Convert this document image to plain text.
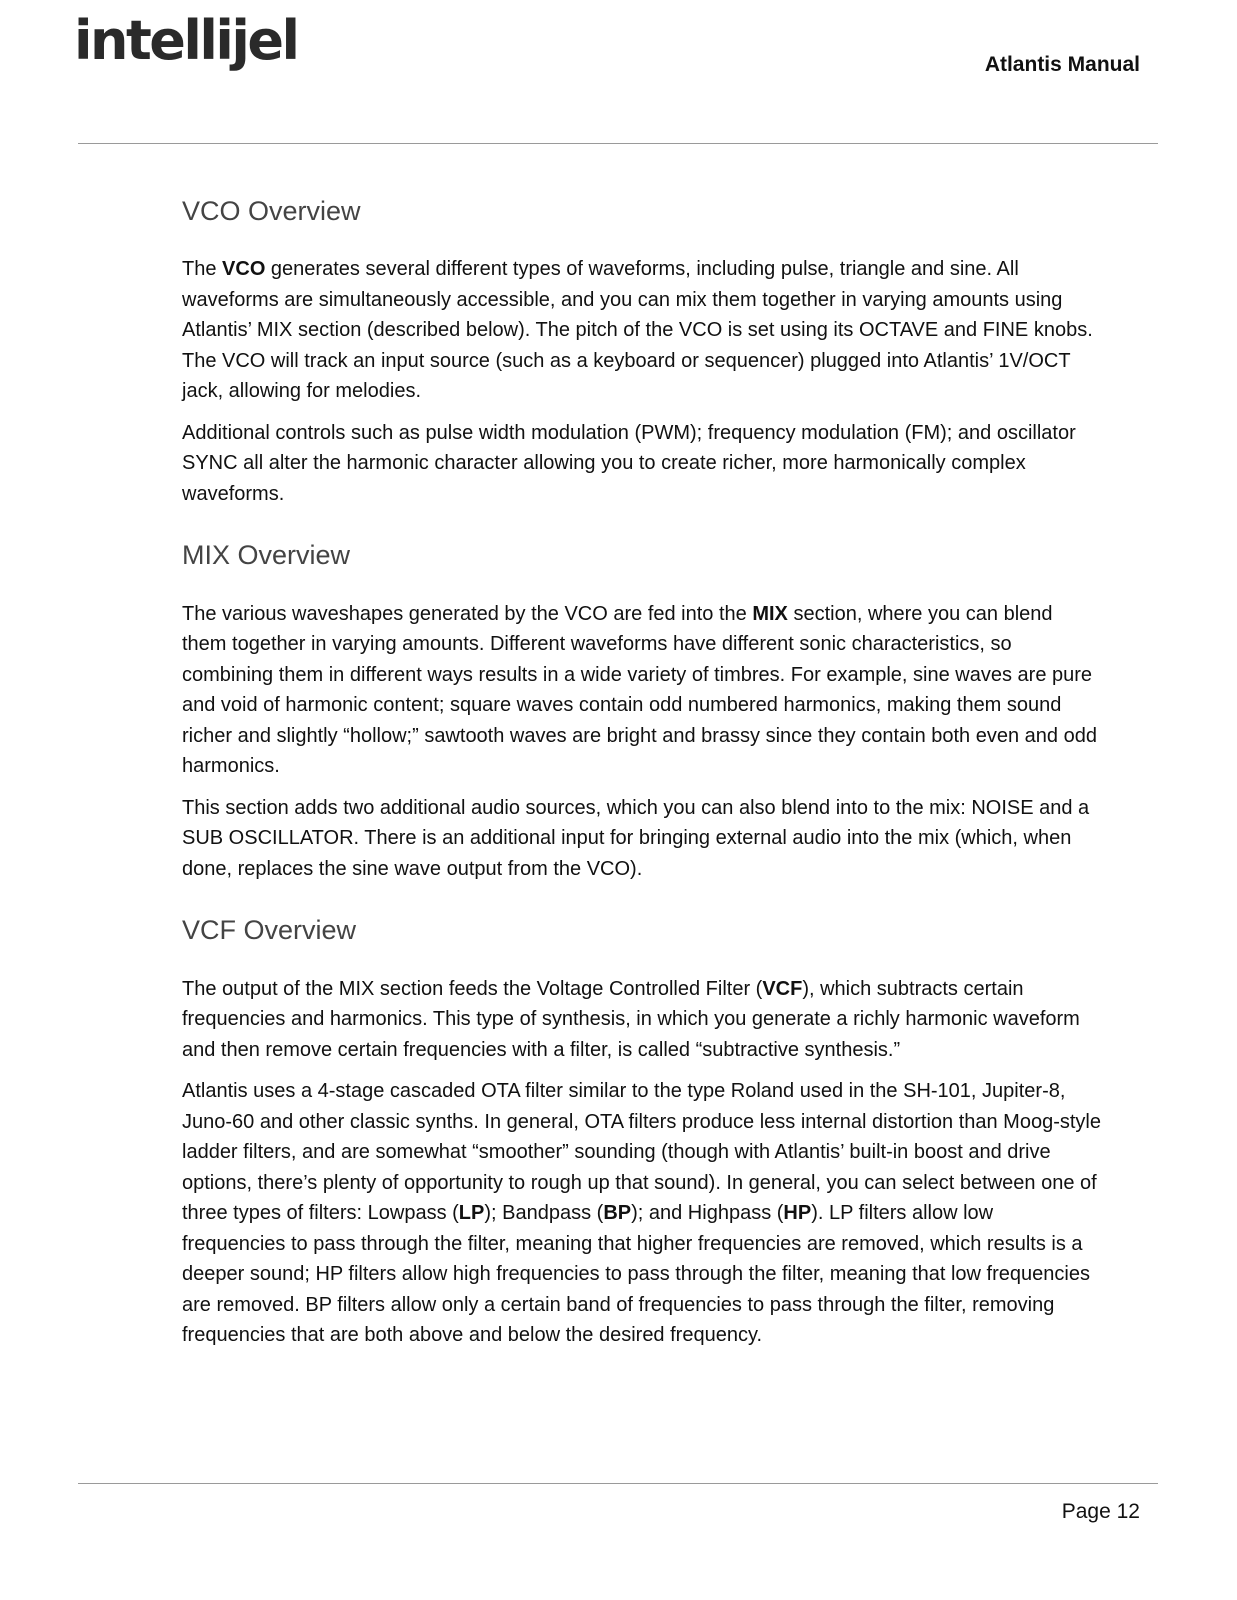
intellijel	Atlantis Manual
VCO Overview

The VCO generates several different types of waveforms, including pulse, triangle and sine. All waveforms are simultaneously accessible, and you can mix them together in varying amounts using Atlantis’ MIX section (described below). The pitch of the VCO is set using its OCTAVE and FINE knobs. The VCO will track an input source (such as a keyboard or sequencer) plugged into Atlantis’ 1V/OCT jack, allowing for melodies.

Additional controls such as pulse width modulation (PWM); frequency modulation (FM); and oscillator SYNC all alter the harmonic character allowing you to create richer, more harmonically complex waveforms.

MIX Overview

The various waveshapes generated by the VCO are fed into the MIX section, where you can blend them together in varying amounts. Different waveforms have different sonic characteristics, so combining them in different ways results in a wide variety of timbres. For example, sine waves are pure and void of harmonic content; square waves contain odd numbered harmonics, making them sound richer and slightly “hollow;” sawtooth waves are bright and brassy since they contain both even and odd harmonics.

This section adds two additional audio sources, which you can also blend into to the mix: NOISE and a SUB OSCILLATOR. There is an additional input for bringing external audio into the mix (which, when done, replaces the sine wave output from the VCO).

VCF Overview

The output of the MIX section feeds the Voltage Controlled Filter (VCF), which subtracts certain frequencies and harmonics. This type of synthesis, in which you generate a richly harmonic waveform and then remove certain frequencies with a filter, is called “subtractive synthesis.”

Atlantis uses a 4-stage cascaded OTA filter similar to the type Roland used in the SH-101, Jupiter-8, Juno-60 and other classic synths. In general, OTA filters produce less internal distortion than Moog-style ladder filters, and are somewhat “smoother” sounding (though with Atlantis’ built-in boost and drive options, there’s plenty of opportunity to rough up that sound). In general, you can select between one of three types of filters: Lowpass (LP); Bandpass (BP); and Highpass (HP). LP filters allow low frequencies to pass through the filter, meaning that higher frequencies are removed, which results is a deeper sound; HP filters allow high frequencies to pass through the filter, meaning that low frequencies are removed. BP filters allow only a certain band of frequencies to pass through the filter, removing frequencies that are both above and below the desired frequency.

Page 12
